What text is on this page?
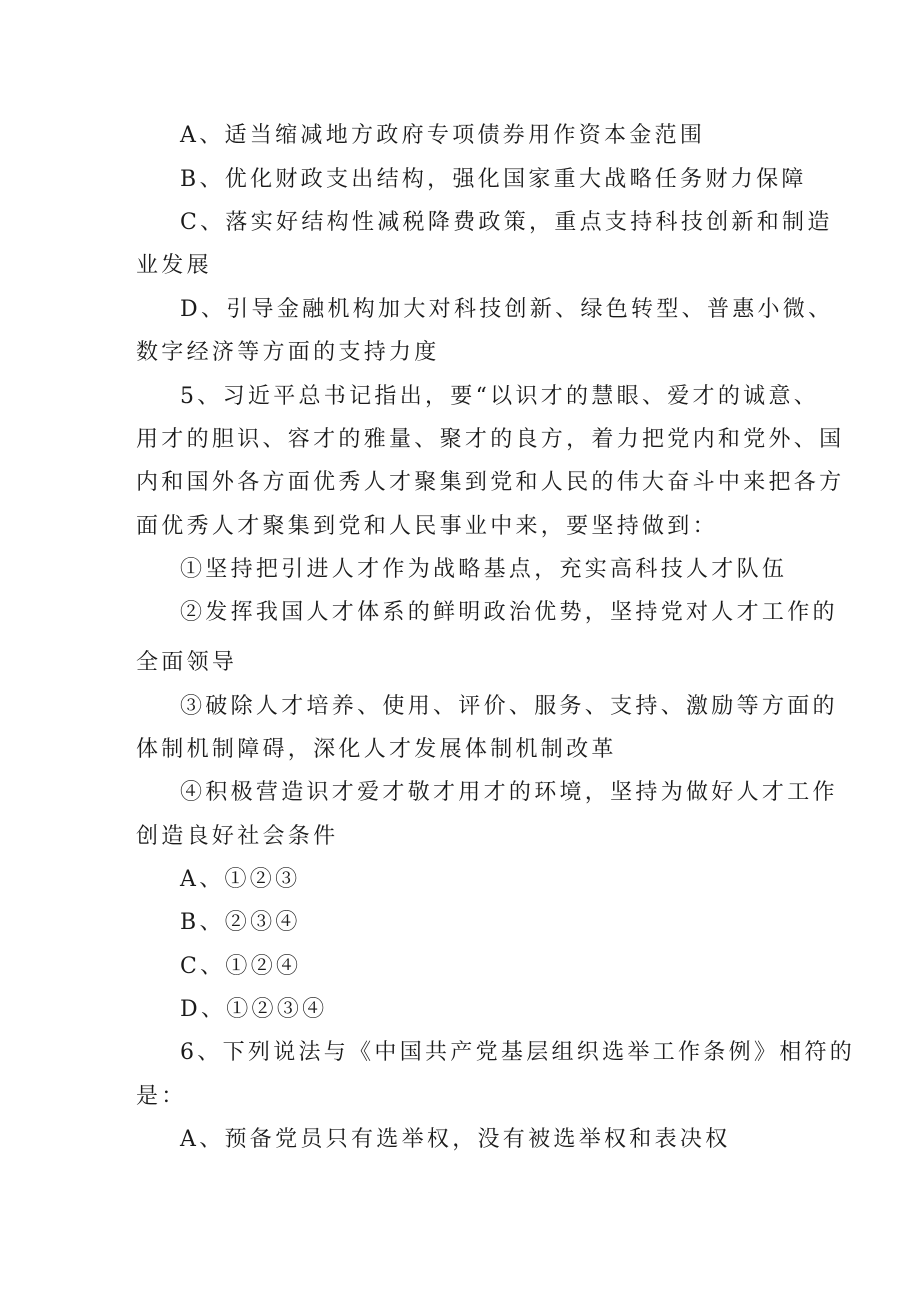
A、适当缩减地方政府专项债券用作资本金范围
B、优化财政支出结构，强化国家重大战略任务财力保障
C、落实好结构性减税降费政策，重点支持科技创新和制造
业发展
D、引导金融机构加大对科技创新、绿色转型、普惠小微、
数字经济等方面的支持力度
5、习近平总书记指出，要“以识才的慧眼、爱才的诚意、
用才的胆识、容才的雅量、聚才的良方，着力把党内和党外、国
内和国外各方面优秀人才聚集到党和人民的伟大奋斗中来把各方
面优秀人才聚集到党和人民事业中来，要坚持做到：
①坚持把引进人才作为战略基点，充实高科技人才队伍
②发挥我国人才体系的鲜明政治优势，坚持党对人才工作的
全面领导
③破除人才培养、使用、评价、服务、支持、激励等方面的
体制机制障碍，深化人才发展体制机制改革
④积极营造识才爱才敬才用才的环境，坚持为做好人才工作
创造良好社会条件
A、①②③
B、②③④
C、①②④
D、①②③④
6、下列说法与《中国共产党基层组织选举工作条例》相符的
是：
A、预备党员只有选举权，没有被选举权和表决权
